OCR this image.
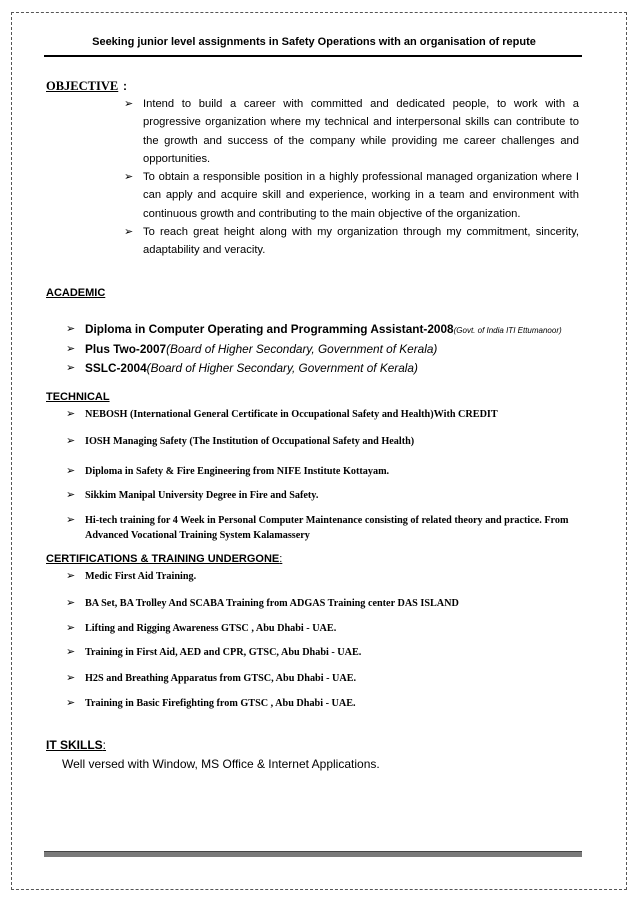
Seeking junior level assignments in Safety Operations with an organisation of repute
OBJECTIVE :
➢ Intend to build a career with committed and dedicated people, to work with a progressive organization where my technical and interpersonal skills can contribute to the growth and success of the company while providing me career challenges and opportunities.
➢ To obtain a responsible position in a highly professional managed organization where I can apply and acquire skill and experience, working in a team and environment with continuous growth and contributing to the main objective of the organization.
➢ To reach great height along with my organization through my commitment, sincerity, adaptability and veracity.
ACADEMIC
➢ Diploma in Computer Operating and Programming Assistant-2008(Govt. of India ITI Ettumanoor)
➢ Plus Two-2007(Board of Higher Secondary, Government of Kerala)
➢ SSLC-2004(Board of Higher Secondary, Government of Kerala)
TECHNICAL
➢ NEBOSH (International General Certificate in Occupational Safety and Health)With CREDIT
➢ IOSH Managing Safety (The Institution of Occupational Safety and Health)
➢ Diploma in Safety & Fire Engineering from NIFE Institute Kottayam.
➢ Sikkim Manipal University Degree in Fire and Safety.
➢ Hi-tech training for 4 Week in Personal Computer Maintenance consisting of related theory and practice. From Advanced Vocational Training System Kalamassery
CERTIFICATIONS & TRAINING UNDERGONE:
➢ Medic First Aid Training.
➢ BA Set, BA Trolley And SCABA Training from ADGAS Training center DAS ISLAND
➢ Lifting and Rigging Awareness GTSC , Abu Dhabi - UAE.
➢ Training in First Aid, AED and CPR, GTSC, Abu Dhabi - UAE.
➢ H2S and Breathing Apparatus from GTSC, Abu Dhabi - UAE.
➢ Training in Basic Firefighting from GTSC , Abu Dhabi - UAE.
IT SKILLS:
Well versed with Window, MS Office & Internet Applications.
